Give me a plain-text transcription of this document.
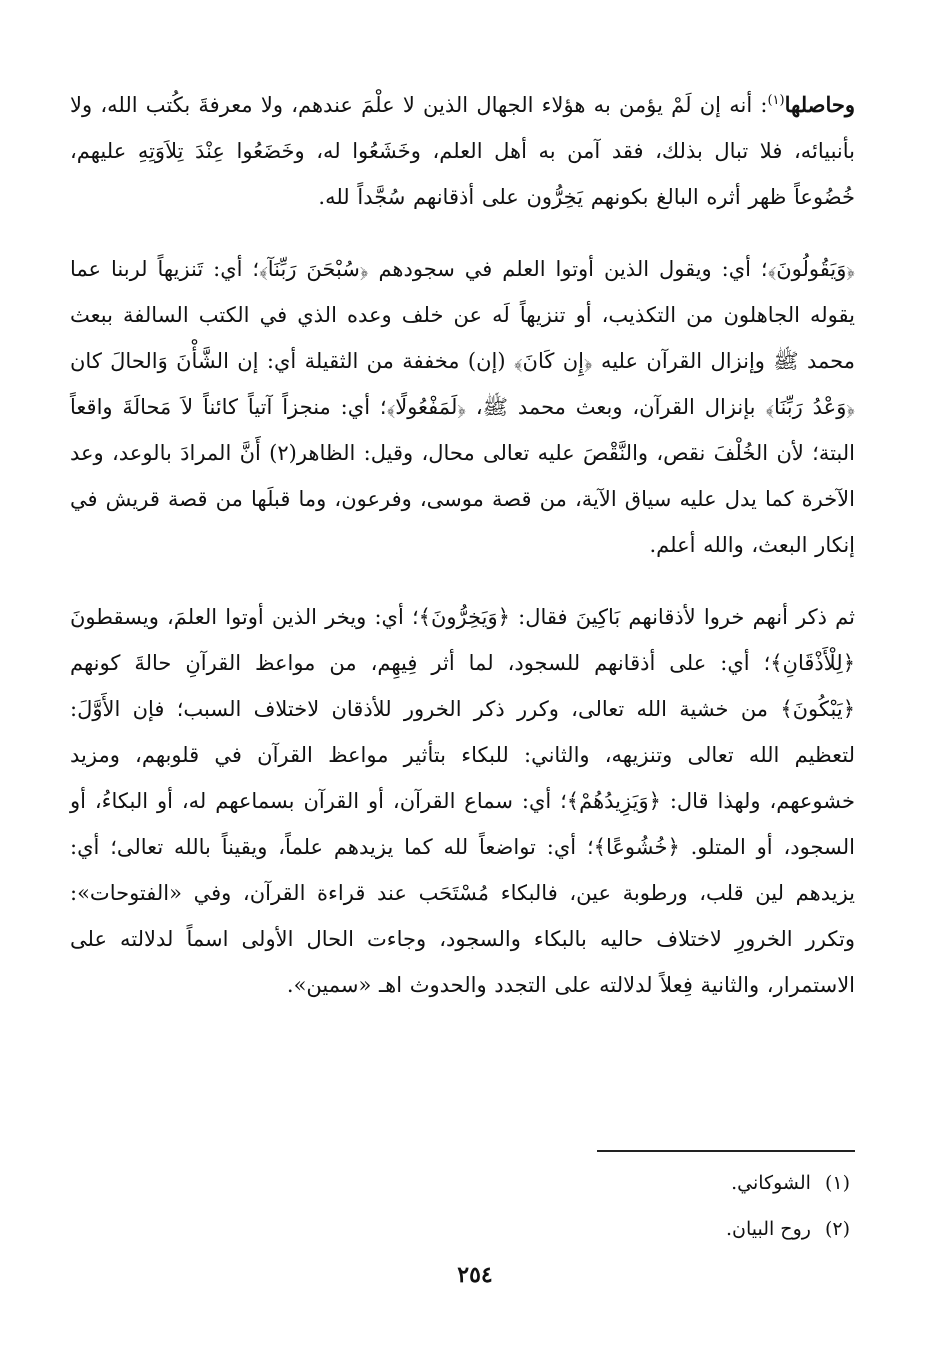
وحاصلها$^{(١)}$: أنه إن لَمْ يؤمن به هؤلاء الجهال الذين لا علْمَ عندهم، ولا معرفةَ بكُتب الله، ولا بأنبيائه، فلا تبال بذلك، فقد آمن به أهل العلم، وخَشَعُوا له، وخَضَعُوا عِنْدَ تِلاَوَتِهِ عليهم، خُضُوعاً ظهر أثره البالغ بكونهم يَخِرُّون على أذقانهم سُجَّداً لله.

﴿وَيَقُولُونَ﴾؛ أي: ويقول الذين أوتوا العلم في سجودهم ﴿سُبْحَنَ رَبِّنَآ﴾؛ أي: تَنزيهاً لربنا عما يقوله الجاهلون من التكذيب، أو تنزيهاً لَه عن خلف وعده الذي في الكتب السالفة ببعث محمد ﷺ وإنزال القرآن عليه ﴿إِن كَانَ﴾ (إن) مخففة من الثقيلة أي: إن الشَّأْنَ وَالحالَ كان ﴿وَعْدُ رَبِّنَا﴾ بإنزال القرآن، وبعث محمد ﷺ، ﴿لَمَفْعُولًا﴾؛ أي: منجزاً آتياً كائناً لاَ مَحالَةَ واقعاً البتة؛ لأن الخُلْفَ نقص، والنَّقْصَ عليه تعالى محال، وقيل: الظاهر(٢) أَنَّ المرادَ بالوعد، وعد الآخرة كما يدل عليه سياق الآية، من قصة موسى، وفرعون، وما قبلَها من قصة قريش في إنكار البعث، والله أعلم.

ثم ذكر أنهم خروا لأذقانهم بَاكِينَ فقال: ﴿وَيَخِرُّونَ﴾؛ أي: ويخر الذين أوتوا العلمَ، ويسقطونَ ﴿لِلْأَذْقَانِ﴾؛ أي: على أذقانهم للسجود، لما أثر فِيهِم، من مواعظ القرآنِ حالةَ كونهم ﴿يَبْكُونَ﴾ من خشية الله تعالى، وكرر ذكر الخرور للأذقان لاختلاف السبب؛ فإن الأَوَّلَ: لتعظيم الله تعالى وتنزيهه، والثاني: للبكاء بتأثير مواعظ القرآن في قلوبهم، ومزيد خشوعهم، ولهذا قال: ﴿وَيَزِيدُهُمْ﴾؛ أي: سماع القرآن، أو القرآن بسماعهم له، أو البكاءُ، أو السجود، أو المتلو. ﴿خُشُوعًا﴾؛ أي: تواضعاً لله كما يزيدهم علماً، ويقيناً بالله تعالى؛ أي: يزيدهم لين قلب، ورطوبة عين، فالبكاء مُسْتَحَب عند قراءة القرآن، وفي «الفتوحات»: وتكرر الخرورِ لاختلاف حاليه بالبكاء والسجود، وجاءت الحال الأولى اسماً لدلالته على الاستمرار، والثانية فِعلاً لدلالته على التجدد والحدوث اهـ «سمين».

(١)الشوكاني.
(٢)روح البيان.
٢٥٤
